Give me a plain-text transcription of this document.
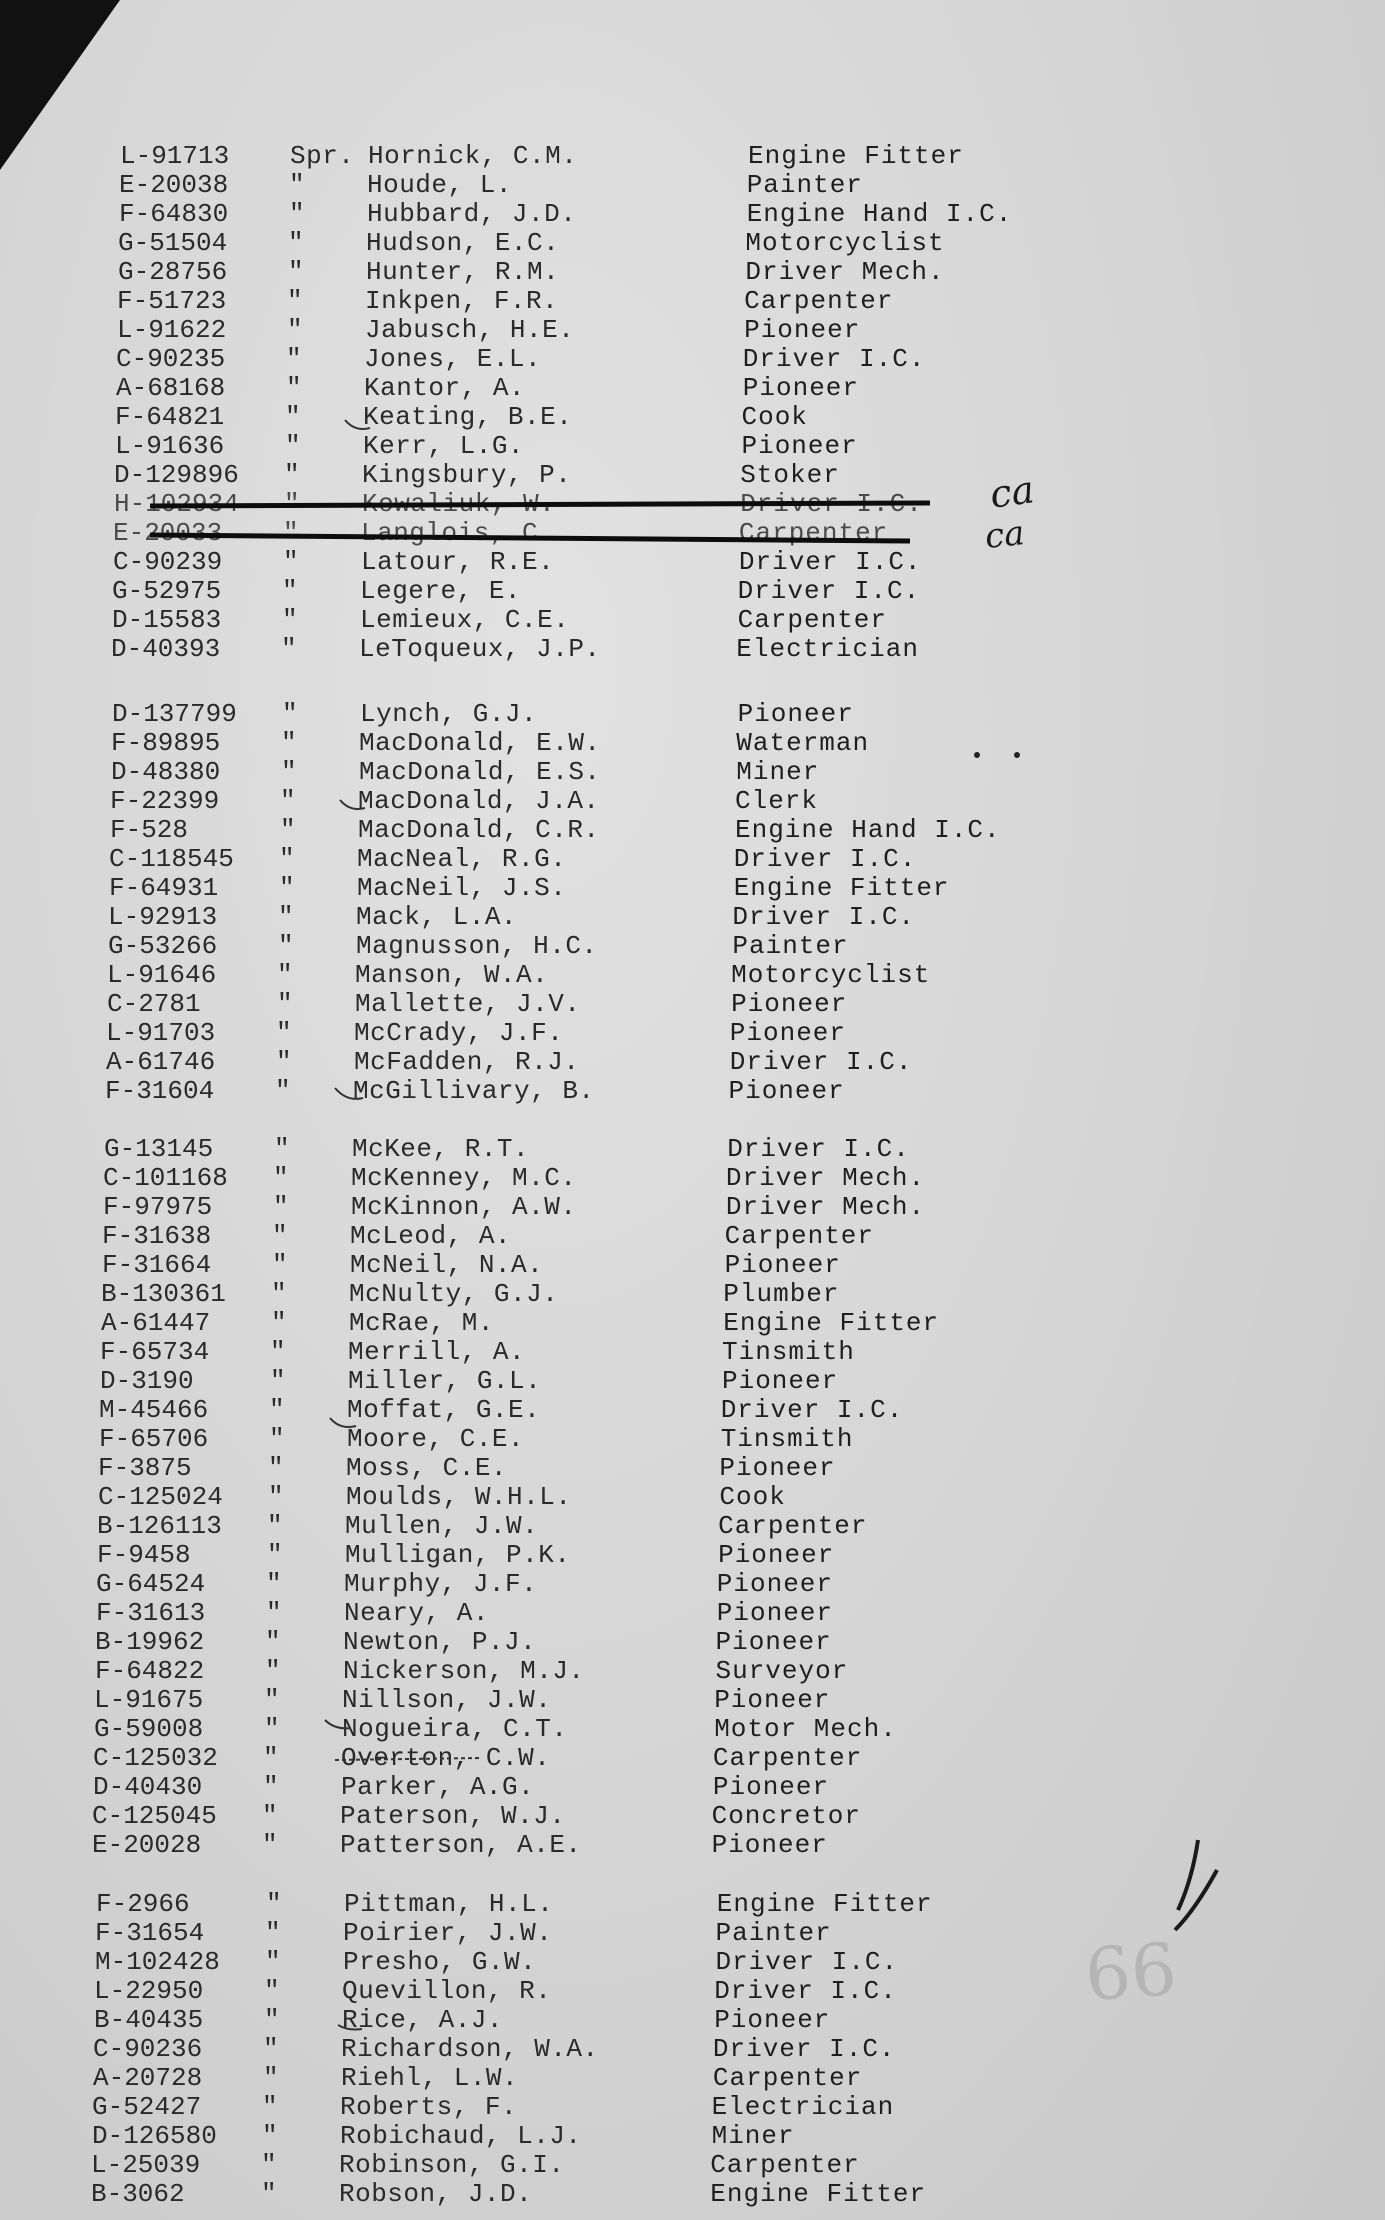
L-91713 Spr. Hornick, C.M.	Engine Fitter
E-20038 " Houde, L.	Painter
F-64830 " Hubbard, J.D.	Engine Hand I.C.
G-51504 " Hudson, E.C.	Motorcyclist
G-28756 " Hunter, R.M.	Driver Mech.
F-51723 " Inkpen, F.R.	Carpenter
L-91622 " Jabusch, H.E.	Pioneer
C-90235 " Jones, E.L.	Driver I.C.
A-68168 " Kantor, A.	Pioneer
F-64821 " Keating, B.E.	Cook
L-91636 " Kerr, L.G.	Pioneer
D-129896 " Kingsbury, P.	Stoker
H-102934 " Kowaliuk, W.	Driver I.C.
E-20033 " Langlois, C.	Carpenter
C-90239 " Latour, R.E.	Driver I.C.
G-52975 " Legere, E.	Driver I.C.
D-15583 " Lemieux, C.E.	Carpenter
D-40393 " LeToqueux, J.P.	Electrician
D-137799 " Lynch, G.J.	Pioneer
F-89895 " MacDonald, E.W.	Waterman
D-48380 " MacDonald, E.S.	Miner
F-22399 " MacDonald, J.A.	Clerk
F-528	" MacDonald, C.R.	Engine Hand I.C.
C-118545 " MacNeal, R.G.	Driver I.C.
F-64931 " MacNeil, J.S.	Engine Fitter
L-92913 " Mack, L.A.	Driver I.C.
G-53266 " Magnusson, H.C.	Painter
L-91646 " Manson, W.A.	Motorcyclist
C-2781	" Mallette, J.V.	Pioneer
L-91703 " McCrady, J.F.	Pioneer
A-61746 " McFadden, R.J.	Driver I.C.
F-31604 " McGillivary, B.	Pioneer
G-13145 " McKee, R.T.	Driver I.C.
C-101168 " McKenney, M.C.	Driver Mech.
F-97975 " McKinnon, A.W.	Driver Mech.
F-31638 " McLeod, A.	Carpenter
F-31664 " McNeil, N.A.	Pioneer
B-130361 " McNulty, G.J.	Plumber
A-61447 " McRae, M.	Engine Fitter
F-65734 " Merrill, A.	Tinsmith
D-3190	" Miller, G.L.	Pioneer
M-45466 " Moffat, G.E.	Driver I.C.
F-65706 " Moore, C.E.	Tinsmith
F-3875	" Moss, C.E.	Pioneer
C-125024 " Moulds, W.H.L.	Cook
B-126113 " Mullen, J.W.	Carpenter
F-9458	" Mulligan, P.K.	Pioneer
G-64524 " Murphy, J.F.	Pioneer
F-31613 " Neary, A.	Pioneer
B-19962 " Newton, P.J.	Pioneer
F-64822 " Nickerson, M.J.	Surveyor
L-91675 " Nillson, J.W.	Pioneer
G-59008 " Nogueira, C.T.	Motor Mech.
C-125032 " Overton, C.W.	Carpenter
D-40430 " Parker, A.G.	Pioneer
C-125045 " Paterson, W.J.	Concretor
E-20028 " Patterson, A.E.	Pioneer
F-2966	" Pittman, H.L.	Engine Fitter
F-31654 " Poirier, J.W.	Painter
M-102428 " Presho, G.W.	Driver I.C.
L-22950 " Quevillon, R.	Driver I.C.
B-40435 " Rice, A.J.	Pioneer
C-90236 " Richardson, W.A.	Driver I.C.
A-20728 " Riehl, L.W.	Carpenter
G-52427 " Roberts, F.	Electrician
D-126580 " Robichaud, L.J.	Miner
L-25039 " Robinson, G.I.	Carpenter
B-3062	" Robson, J.D.	Engine Fitter
ca
ca
66
